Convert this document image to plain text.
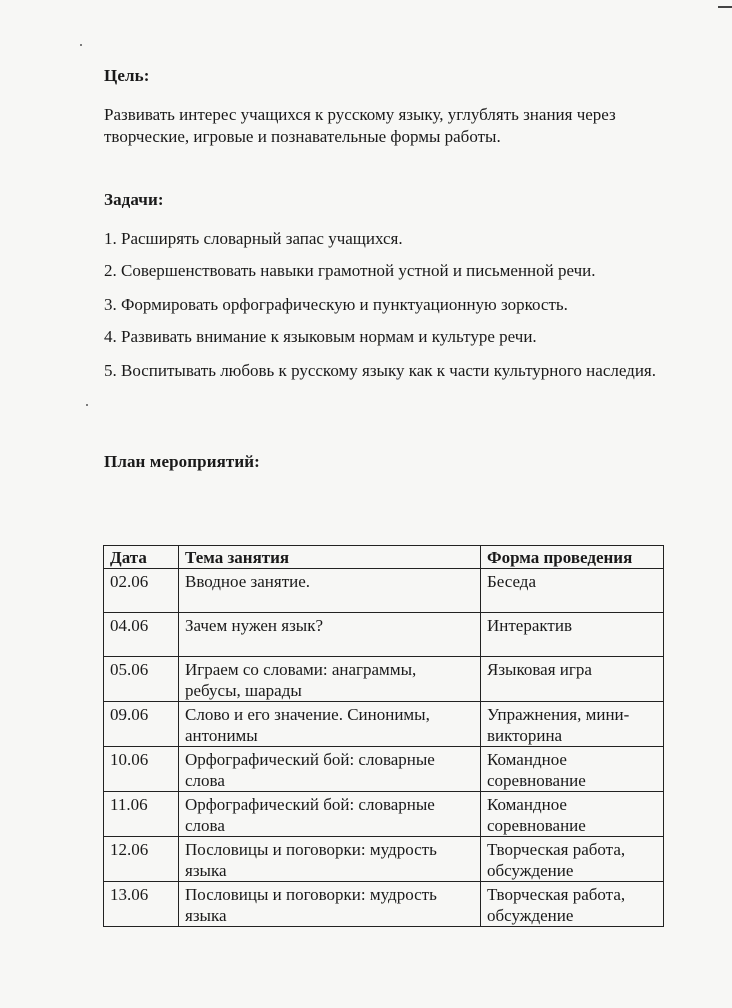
Цель:
Развивать интерес учащихся к русскому языку, углублять знания через творческие, игровые и познавательные формы работы.
Задачи:
1. Расширять словарный запас учащихся.
2. Совершенствовать навыки грамотной устной и письменной речи.
3. Формировать орфографическую и пунктуационную зоркость.
4. Развивать внимание к языковым нормам и культуре речи.
5. Воспитывать любовь к русскому языку как к части культурного наследия.
План мероприятий:
Дата	Тема занятия	Форма проведения
02.06	Вводное занятие.	Беседа
04.06	Зачем нужен язык?	Интерактив
05.06	Играем со словами: анаграммы, ребусы, шарады	Языковая игра
09.06	Слово и его значение. Синонимы, антонимы	Упражнения, мини-викторина
10.06	Орфографический бой: словарные слова	Командное соревнование
11.06	Орфографический бой: словарные слова	Командное соревнование
12.06	Пословицы и поговорки: мудрость языка	Творческая работа, обсуждение
13.06	Пословицы и поговорки: мудрость языка	Творческая работа, обсуждение
